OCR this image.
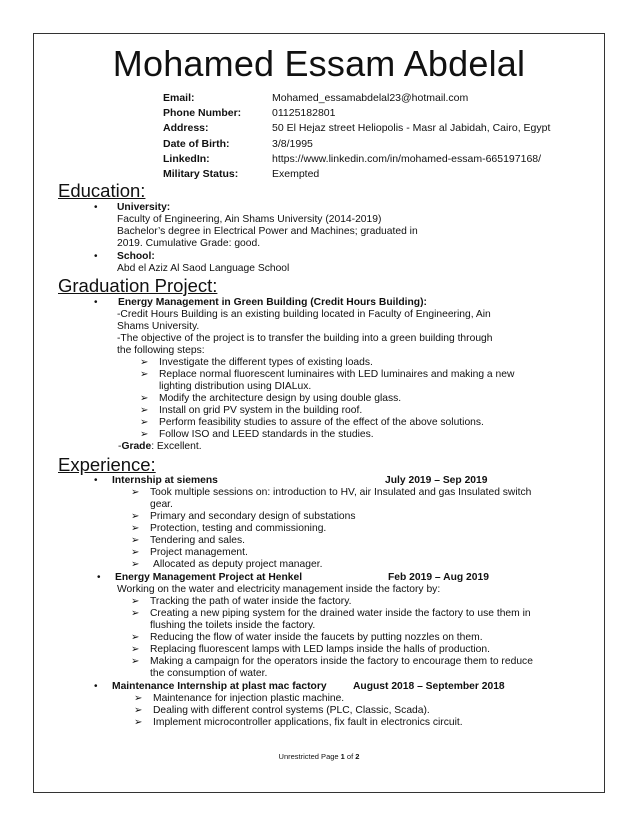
Mohamed Essam Abdelal
Email:	Mohamed_essamabdelal23@hotmail.com
Phone Number:	01125182801
Address:	50 El Hejaz street Heliopolis - Masr al Jabidah, Cairo, Egypt
Date of Birth:	3/8/1995
LinkedIn:	https://www.linkedin.com/in/mohamed-essam-665197168/
Military Status:	Exempted
Education:
• University:
Faculty of Engineering, Ain Shams University (2014-2019)
Bachelor’s degree in Electrical Power and Machines; graduated in
2019. Cumulative Grade: good.
• School:
Abd el Aziz Al Saod Language School
Graduation Project:
• Energy Management in Green Building (Credit Hours Building):
-Credit Hours Building is an existing building located in Faculty of Engineering, Ain
Shams University.
-The objective of the project is to transfer the building into a green building through
the following steps:
➢ Investigate the different types of existing loads.
➢ Replace normal fluorescent luminaires with LED luminaires and making a new
lighting distribution using DIALux.
➢ Modify the architecture design by using double glass.
➢ Install on grid PV system in the building roof.
➢ Perform feasibility studies to assure of the effect of the above solutions.
➢ Follow ISO and LEED standards in the studies.
-Grade: Excellent.
Experience:
• Internship at siemens	July 2019 – Sep 2019
➢ Took multiple sessions on: introduction to HV, air Insulated and gas Insulated switch
gear.
➢ Primary and secondary design of substations
➢ Protection, testing and commissioning.
➢ Tendering and sales.
➢ Project management.
➢ Allocated as deputy project manager.
• Energy Management Project at Henkel	Feb 2019 – Aug 2019
Working on the water and electricity management inside the factory by:
➢ Tracking the path of water inside the factory.
➢ Creating a new piping system for the drained water inside the factory to use them in
flushing the toilets inside the factory.
➢ Reducing the flow of water inside the faucets by putting nozzles on them.
➢ Replacing fluorescent lamps with LED lamps inside the halls of production.
➢ Making a campaign for the operators inside the factory to encourage them to reduce
the consumption of water.
• Maintenance Internship at plast mac factory	August 2018 – September 2018
➢ Maintenance for injection plastic machine.
➢ Dealing with different control systems (PLC, Classic, Scada).
➢ Implement microcontroller applications, fix fault in electronics circuit.
Unrestricted Page 1 of 2
